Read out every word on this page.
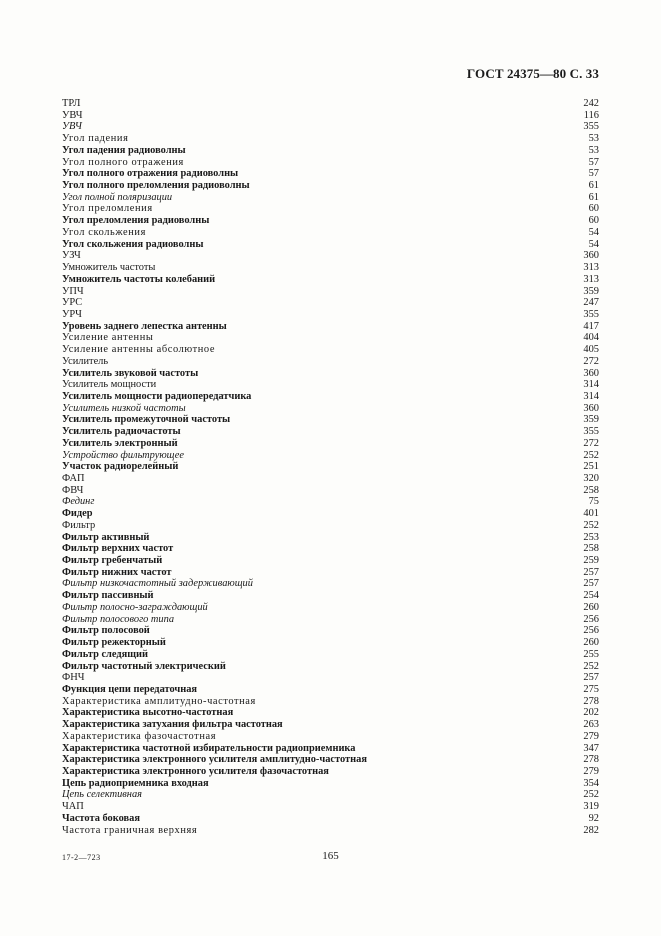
ГОСТ 24375—80 С. 33
ТРЛ	242
УВЧ	116
УВЧ	355
Угол падения	53
Угол падения радиоволны	53
Угол полного отражения	57
Угол полного отражения радиоволны	57
Угол полного преломления радиоволны	61
Угол полной поляризации	61
Угол преломления	60
Угол преломления радиоволны	60
Угол скольжения	54
Угол скольжения радиоволны	54
УЗЧ	360
Умножитель частоты	313
Умножитель частоты колебаний	313
УПЧ	359
УРС	247
УРЧ	355
Уровень заднего лепестка антенны	417
Усиление антенны	404
Усиление антенны абсолютное	405
Усилитель	272
Усилитель звуковой частоты	360
Усилитель мощности	314
Усилитель мощности радиопередатчика	314
Усилитель низкой частоты	360
Усилитель промежуточной частоты	359
Усилитель радиочастоты	355
Усилитель электронный	272
Устройство фильтрующее	252
Участок радиорелейный	251
ФАП	320
ФВЧ	258
Фединг	75
Фидер	401
Фильтр	252
Фильтр активный	253
Фильтр верхних частот	258
Фильтр гребенчатый	259
Фильтр нижних частот	257
Фильтр низкочастотный задерживающий	257
Фильтр пассивный	254
Фильтр полосно-заграждающий	260
Фильтр полосового типа	256
Фильтр полосовой	256
Фильтр режекторный	260
Фильтр следящий	255
Фильтр частотный электрический	252
ФНЧ	257
Функция цепи передаточная	275
Характеристика амплитудно-частотная	278
Характеристика высотно-частотная	202
Характеристика затухания фильтра частотная	263
Характеристика фазочастотная	279
Характеристика частотной избирательности радиоприемника	347
Характеристика электронного усилителя амплитудно-частотная	278
Характеристика электронного усилителя фазочастотная	279
Цепь радиоприемника входная	354
Цепь селективная	252
ЧАП	319
Частота боковая	92
Частота граничная верхняя	282
17-2—723	165
